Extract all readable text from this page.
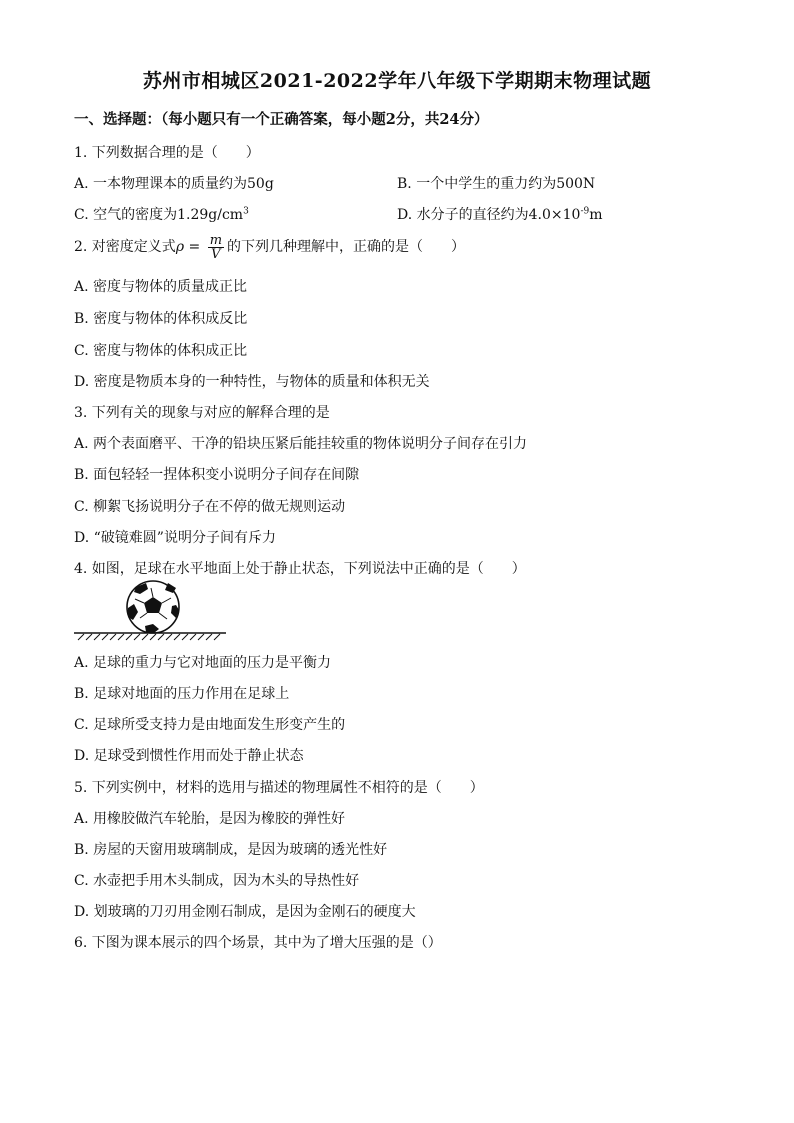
苏州市相城区2021-2022学年八年级下学期期末物理试题
一、选择题：（每小题只有一个正确答案，每小题2分，共24分）
1. 下列数据合理的是（　　）
A. 一本物理课本的质量约为50g	B. 一个中学生的重力约为500N
C. 空气的密度为$1.29g/cm^3$	D. 水分子的直径约为$4.0\times 10^{-9}m$
2. 对密度定义式$\rho = \frac{m}{V}$ 的下列几种理解中，正确的是（　　）
A. 密度与物体的质量成正比
B. 密度与物体的体积成反比
C. 密度与物体的体积成正比
D. 密度是物质本身的一种特性，与物体的质量和体积无关
3. 下列有关的现象与对应的解释合理的是
A. 两个表面磨平、干净的铅块压紧后能挂较重的物体说明分子间存在引力
B. 面包轻轻一捏体积变小说明分子间存在间隙
C. 柳絮飞扬说明分子在不停的做无规则运动
D. “破镜难圆”说明分子间有斥力
4. 如图，足球在水平地面上处于静止状态，下列说法中正确的是（　　）
A. 足球的重力与它对地面的压力是平衡力
B. 足球对地面的压力作用在足球上
C. 足球所受支持力是由地面发生形变产生的
D. 足球受到惯性作用而处于静止状态
5. 下列实例中，材料的选用与描述的物理属性不相符的是（　　）
A. 用橡胶做汽车轮胎，是因为橡胶的弹性好
B. 房屋的天窗用玻璃制成，是因为玻璃的透光性好
C. 水壶把手用木头制成，因为木头的导热性好
D. 划玻璃的刀刃用金刚石制成，是因为金刚石的硬度大
6. 下图为课本展示的四个场景，其中为了增大压强的是（）
